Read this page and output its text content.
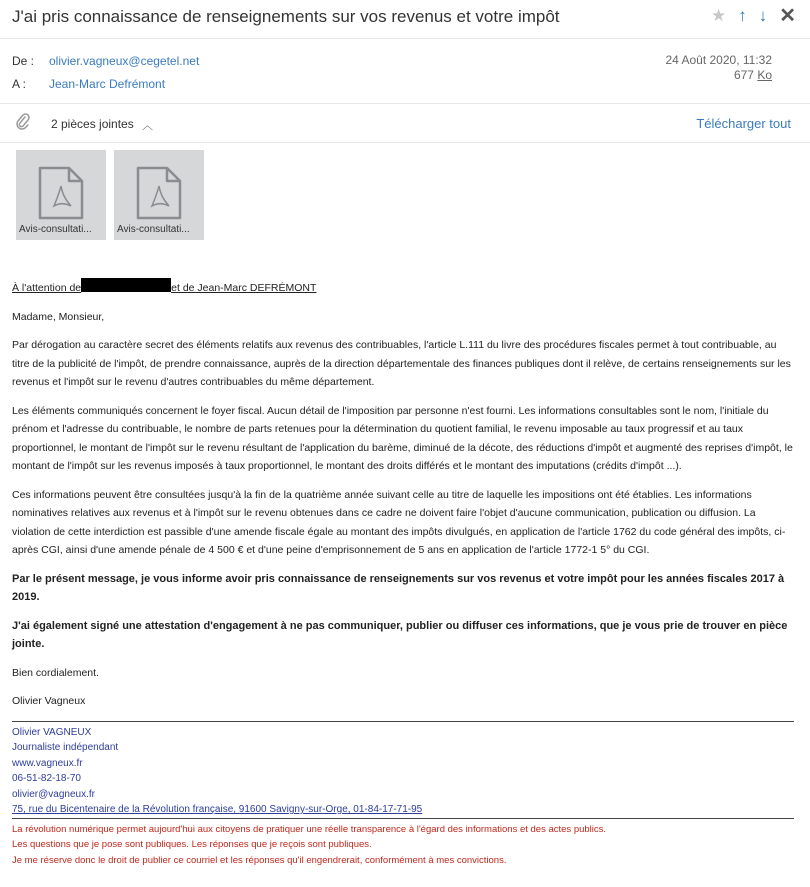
J'ai pris connaissance de renseignements sur vos revenus et votre impôt	★ ↑ ↓ ✕
De : olivier.vagneux@cegetel.net
A : Jean-Marc Defrémont
24 Août 2020, 11:32
677 Ko
2 pièces jointes ︿	Télécharger tout
Avis-consultati...	Avis-consultati...

À l'attention de	et de Jean-Marc DEFRÉMONT

Madame, Monsieur,

Par dérogation au caractère secret des éléments relatifs aux revenus des contribuables, l'article L.111 du livre des procédures fiscales permet à tout contribuable, au titre de la publicité de l'impôt, de prendre connaissance, auprès de la direction départementale des finances publiques dont il relève, de certains renseignements sur les revenus et l'impôt sur le revenu d'autres contribuables du même département.

Les éléments communiqués concernent le foyer fiscal. Aucun détail de l'imposition par personne n'est fourni. Les informations consultables sont le nom, l'initiale du prénom et l'adresse du contribuable, le nombre de parts retenues pour la détermination du quotient familial, le revenu imposable au taux progressif et au taux proportionnel, le montant de l'impôt sur le revenu résultant de l'application du barème, diminué de la décote, des réductions d'impôt et augmenté des reprises d'impôt, le montant de l'impôt sur les revenus imposés à taux proportionnel, le montant des droits différés et le montant des imputations (crédits d'impôt ...).

Ces informations peuvent être consultées jusqu'à la fin de la quatrième année suivant celle au titre de laquelle les impositions ont été établies. Les informations nominatives relatives aux revenus et à l'impôt sur le revenu obtenues dans ce cadre ne doivent faire l'objet d'aucune communication, publication ou diffusion. La violation de cette interdiction est passible d'une amende fiscale égale au montant des impôts divulgués, en application de l'article 1762 du code général des impôts, ci-après CGI, ainsi d'une amende pénale de 4 500 € et d'une peine d'emprisonnement de 5 ans en application de l'article 1772-1 5° du CGI.

Par le présent message, je vous informe avoir pris connaissance de renseignements sur vos revenus et votre impôt pour les années fiscales 2017 à 2019.

J'ai également signé une attestation d'engagement à ne pas communiquer, publier ou diffuser ces informations, que je vous prie de trouver en pièce jointe.

Bien cordialement.

Olivier Vagneux

Olivier VAGNEUX
Journaliste indépendant
www.vagneux.fr
06-51-82-18-70
olivier@vagneux.fr
75, rue du Bicentenaire de la Révolution française, 91600 Savigny-sur-Orge, 01-84-17-71-95
La révolution numérique permet aujourd'hui aux citoyens de pratiquer une réelle transparence à l'égard des informations et des actes publics.
Les questions que je pose sont publiques. Les réponses que je reçois sont publiques.
Je me réserve donc le droit de publier ce courriel et les réponses qu'il engendrerait, conformément à mes convictions.
